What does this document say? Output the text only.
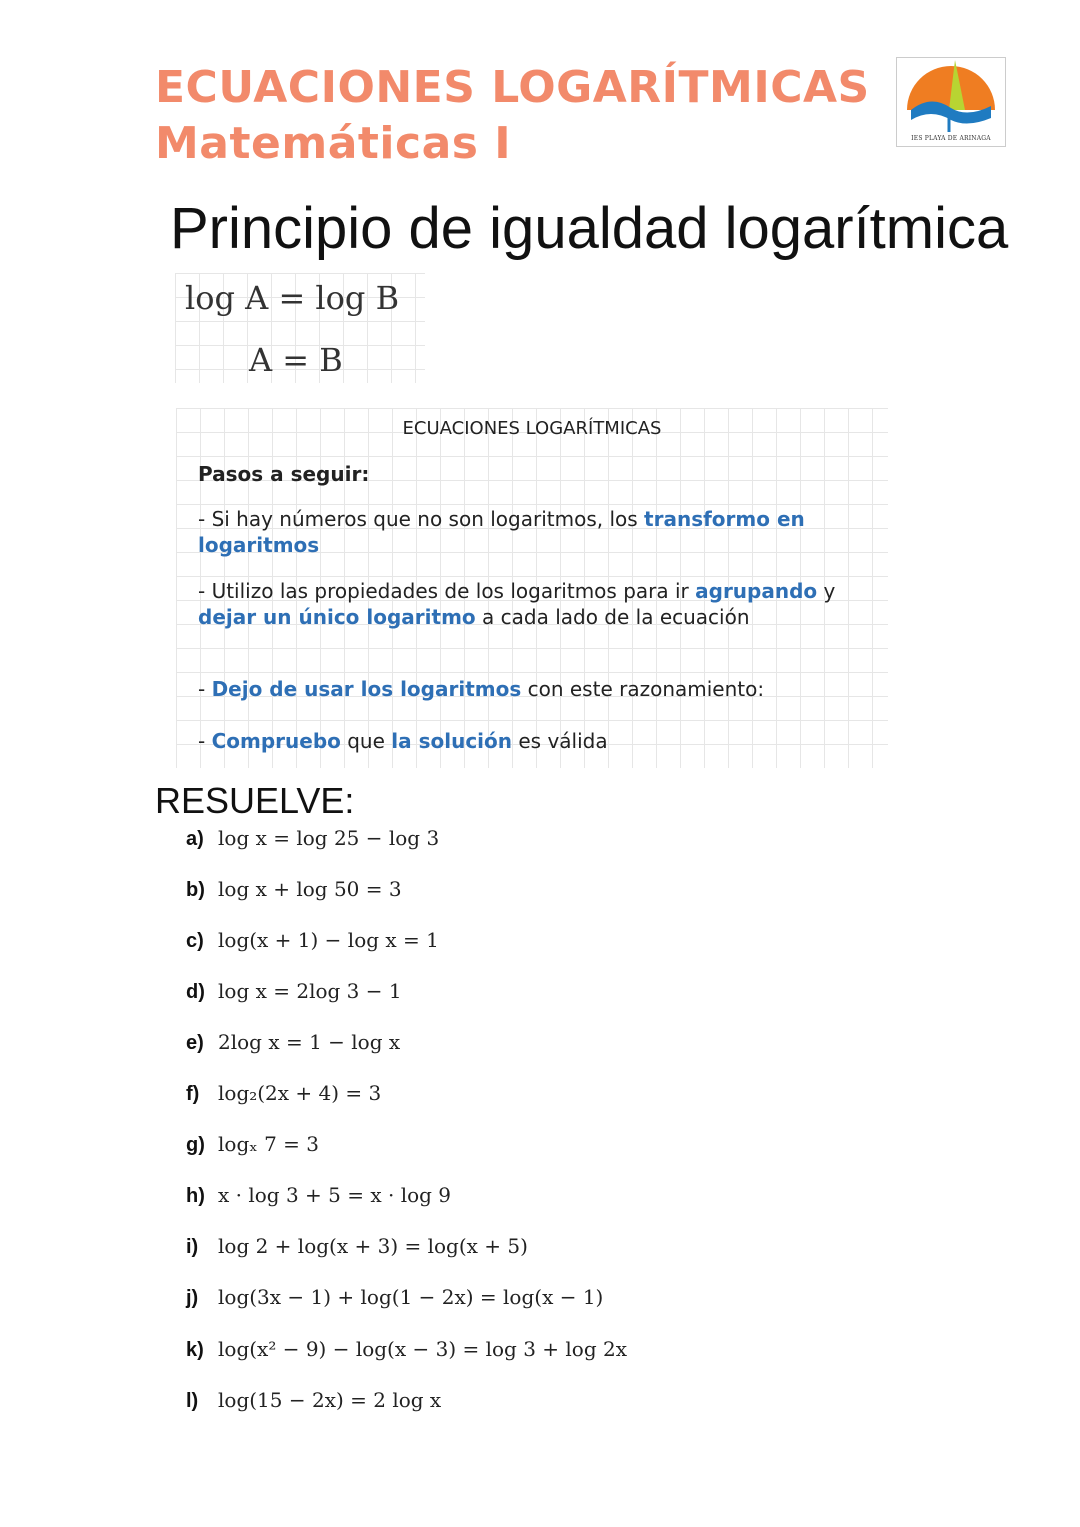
ECUACIONES LOGARÍTMICAS
Matemáticas I	IES PLAYA DE ARINAGA
Principio de igualdad logarítmica
log A = log B
A = B
ECUACIONES LOGARÍTMICAS
Pasos a seguir:
- Si hay números que no son logaritmos, los transformo en logaritmos
- Utilizo las propiedades de los logaritmos para ir agrupando y dejar un único logaritmo a cada lado de la ecuación
- Dejo de usar los logaritmos con este razonamiento:
- Compruebo que la solución es válida
RESUELVE:
a) log x = log 25 − log 3
b) log x + log 50 = 3
c) log(x + 1) − log x = 1
d) log x = 2log 3 − 1
e) 2log x = 1 − log x
f) log₂(2x + 4) = 3
g) logₓ 7 = 3
h) x · log 3 + 5 = x · log 9
i) log 2 + log(x + 3) = log(x + 5)
j) log(3x − 1) + log(1 − 2x) = log(x − 1)
k) log(x² − 9) − log(x − 3) = log 3 + log 2x
l) log(15 − 2x) = 2 log x
